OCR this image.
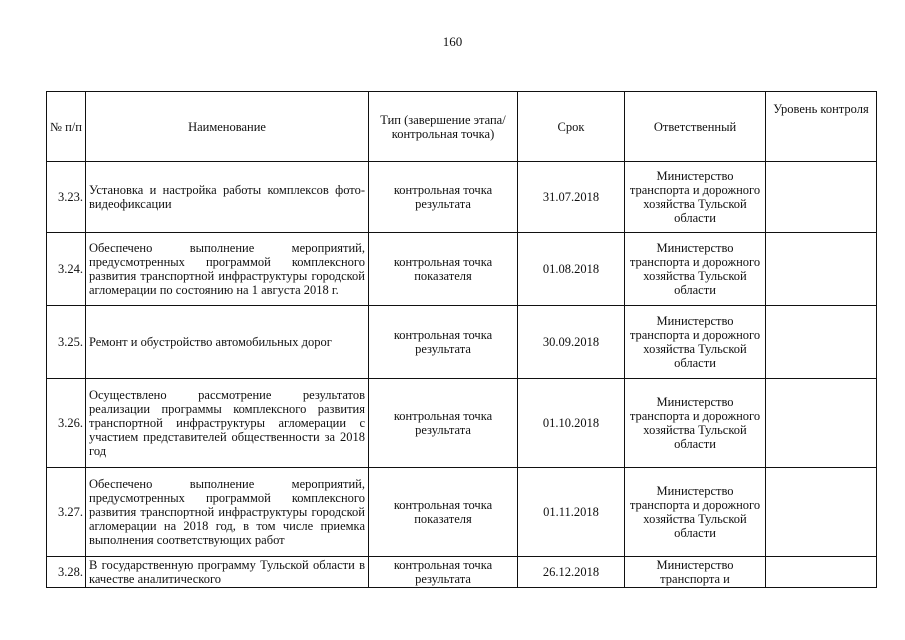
160
№ п/п	Наименование	Тип (завершение этапа/контрольная точка)	Срок	Ответственный	Уровень контроля
3.23.	Установка и настройка работы комплексов фото-видеофиксации	контрольная точка результата	31.07.2018	Министерство транспорта и дорожного хозяйства Тульской области	
3.24.	Обеспечено выполнение мероприятий, предусмотренных программой комплексного развития транспортной инфраструктуры городской агломерации по состоянию на 1 августа 2018 г.	контрольная точка показателя	01.08.2018	Министерство транспорта и дорожного хозяйства Тульской области	
3.25.	Ремонт и обустройство автомобильных дорог	контрольная точка результата	30.09.2018	Министерство транспорта и дорожного хозяйства Тульской области	
3.26.	Осуществлено рассмотрение результатов реализации программы комплексного развития транспортной инфраструктуры агломерации с участием представителей общественности за 2018 год	контрольная точка результата	01.10.2018	Министерство транспорта и дорожного хозяйства Тульской области	
3.27.	Обеспечено выполнение мероприятий, предусмотренных программой комплексного развития транспортной инфраструктуры городской агломерации на 2018 год, в том числе приемка выполнения соответствующих работ	контрольная точка показателя	01.11.2018	Министерство транспорта и дорожного хозяйства Тульской области	
3.28.	В государственную программу Тульской области в качестве аналитического	контрольная точка результата	26.12.2018	Министерство транспорта и	
